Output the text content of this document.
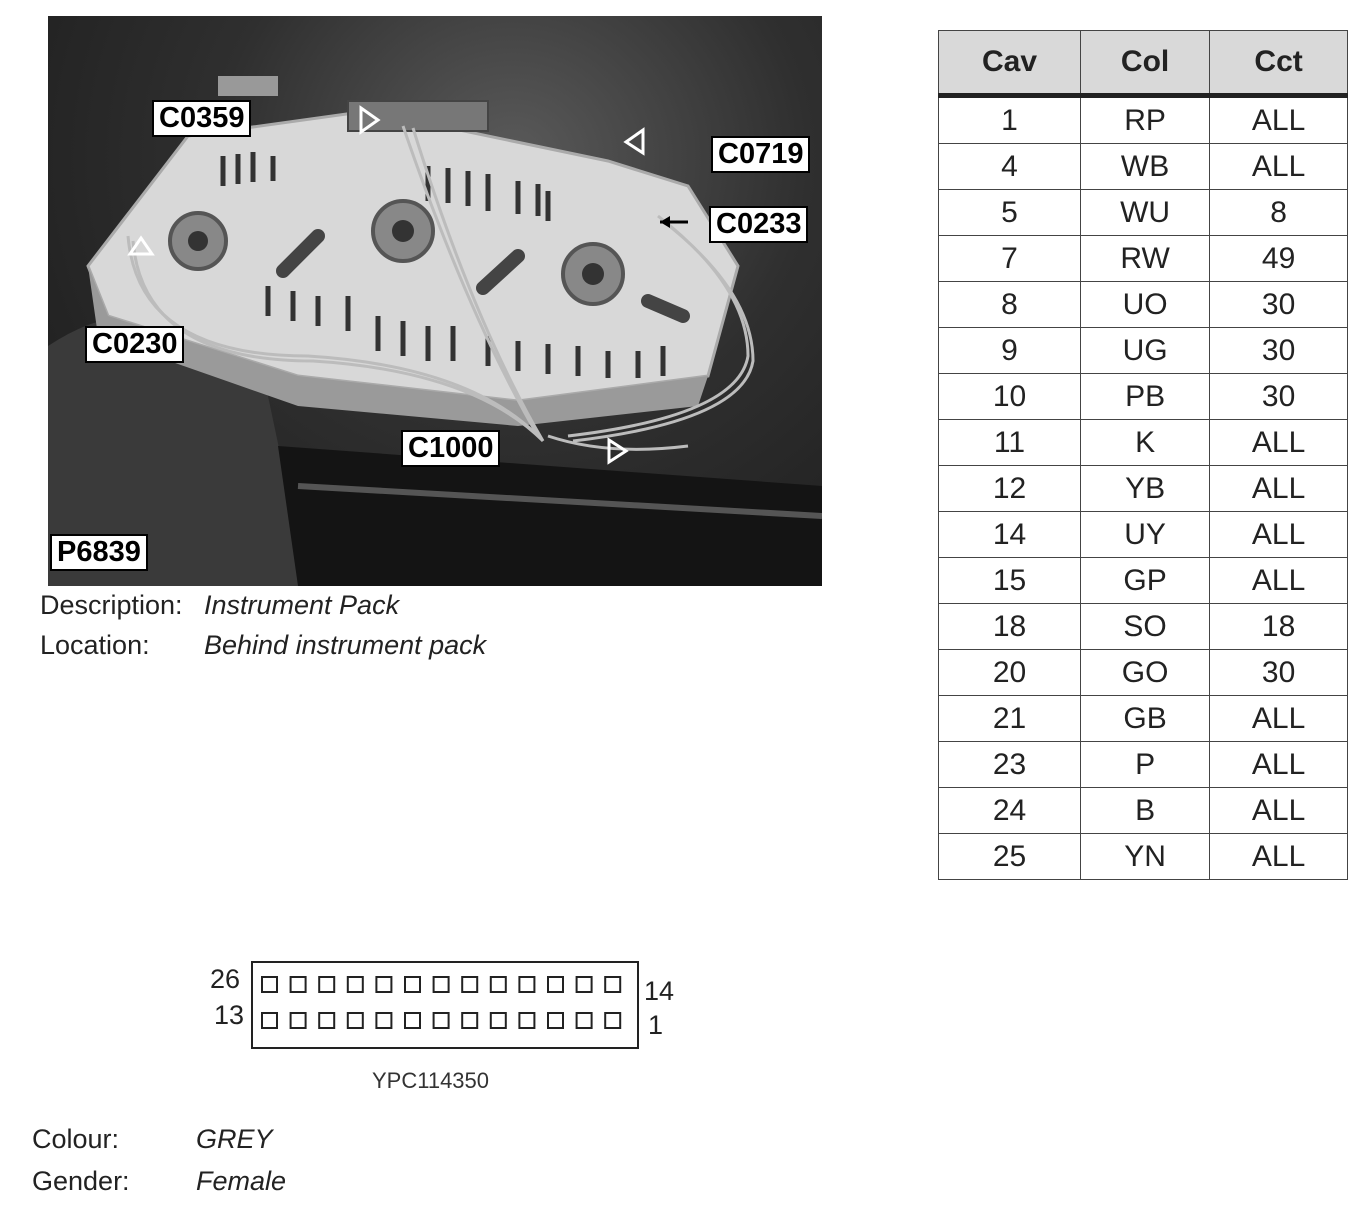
C0359
C0719
C0233
C0230
C1000
P6839
Description: Instrument Pack
Location: Behind instrument pack
Cav	Col	Cct
1	RP	ALL
4	WB	ALL
5	WU	8
7	RW	49
8	UO	30
9	UG	30
10	PB	30
11	K	ALL
12	YB	ALL
14	UY	ALL
15	GP	ALL
18	SO	18
20	GO	30
21	GB	ALL
23	P	ALL
24	B	ALL
25	YN	ALL
26
13
14
1
YPC114350
Colour:	GREY
Gender: Female
